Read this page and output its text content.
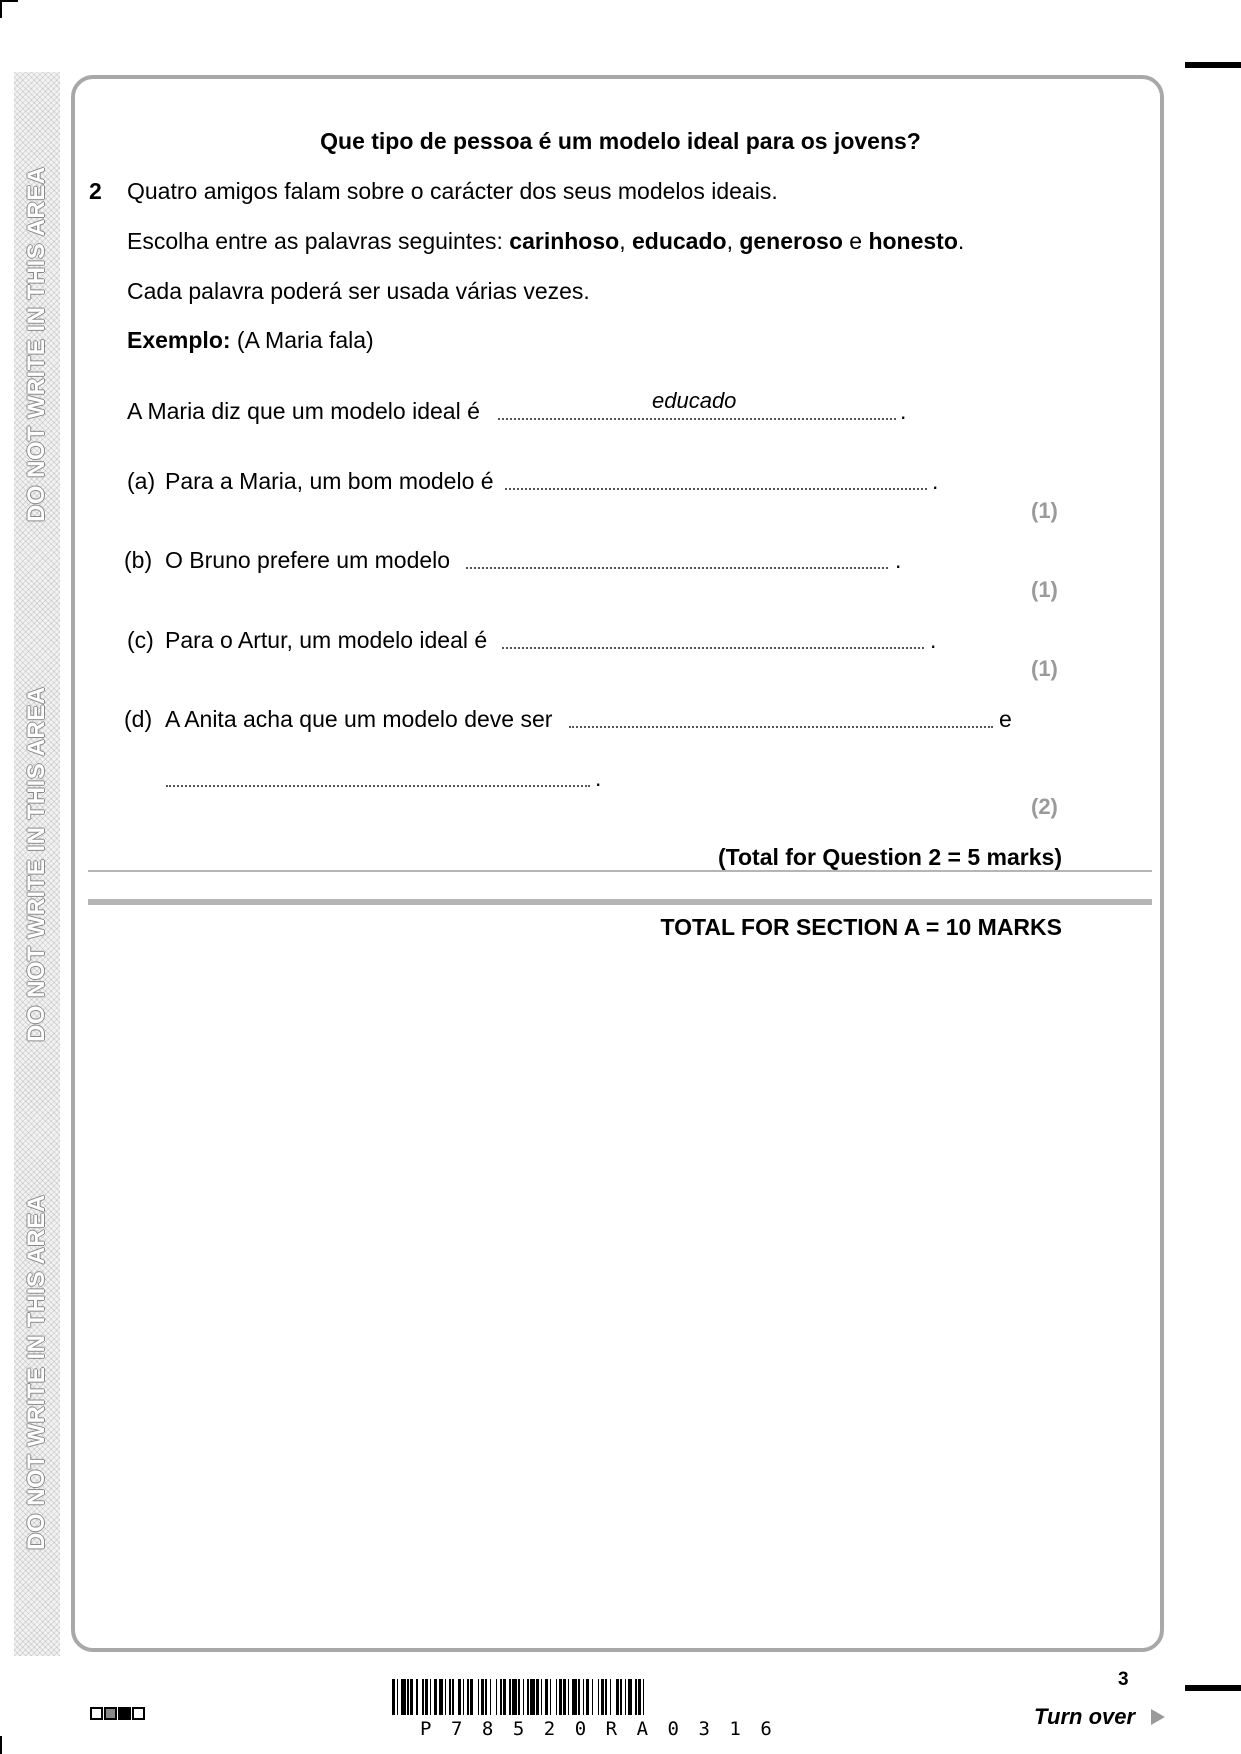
DO NOT WRITE IN THIS AREA
DO NOT WRITE IN THIS AREA
DO NOT WRITE IN THIS AREA
Que tipo de pessoa é um modelo ideal para os jovens?
2 Quatro amigos falam sobre o carácter dos seus modelos ideais.
Escolha entre as palavras seguintes: carinhoso, educado, generoso e honesto.
Cada palavra poderá ser usada várias vezes.
Exemplo: (A Maria fala)
A Maria diz que um modelo ideal é	educado	.
(a) Para a Maria, um bom modelo é	.
(1)
(b) O Bruno prefere um modelo	.
(1)
(c) Para o Artur, um modelo ideal é	.
(1)
(d) A Anita acha que um modelo deve ser	e
.
(2)
(Total for Question 2 = 5 marks)
TOTAL FOR SECTION A = 10 MARKS
3
Turn over
P78520RA0316
